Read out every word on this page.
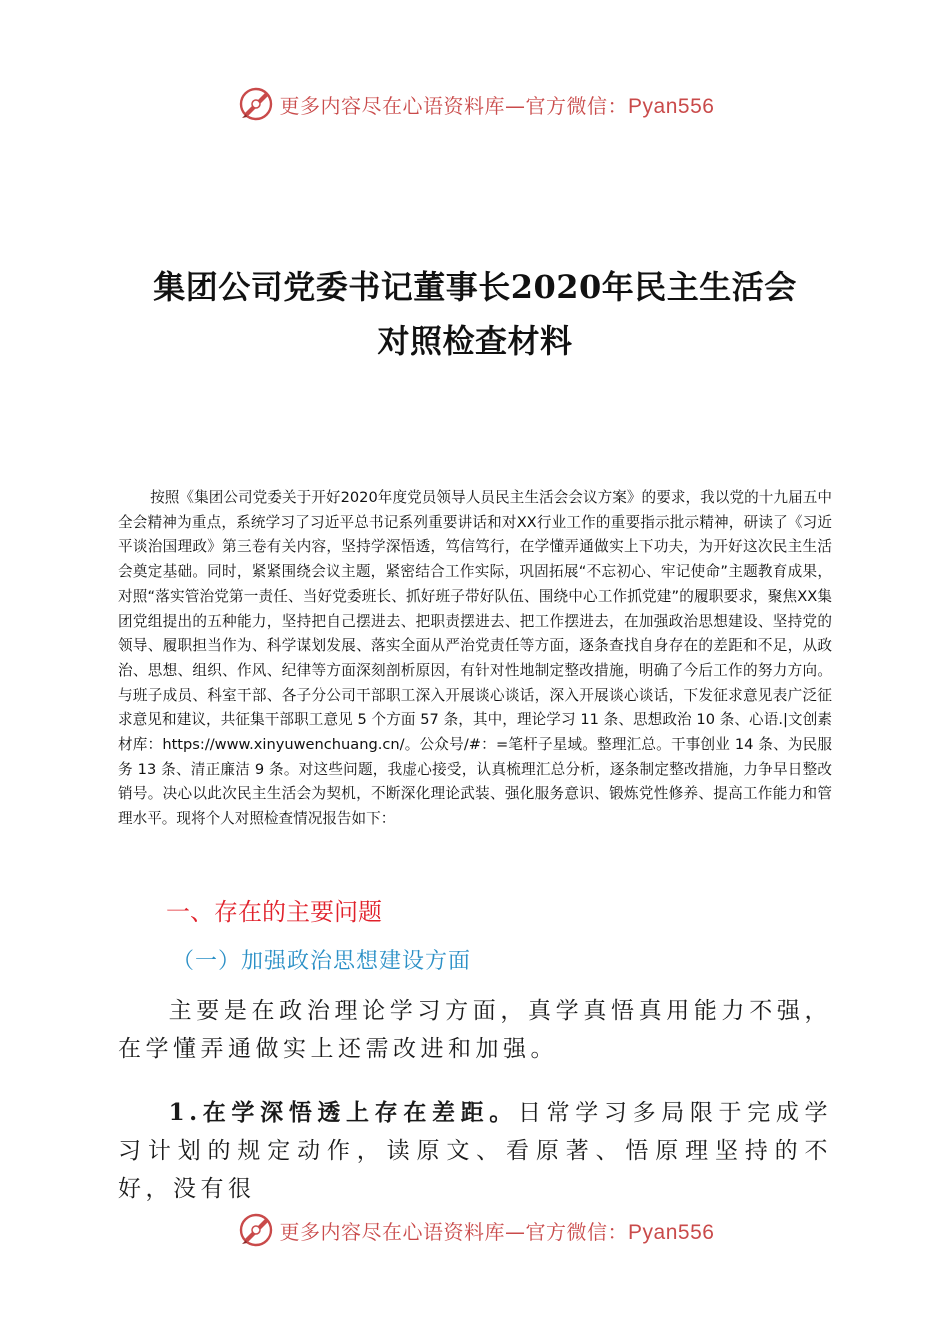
更多内容尽在心语资料库—官方微信：Pyan556
集团公司党委书记董事长2020年民主生活会
对照检查材料

按照《集团公司党委关于开好2020年度党员领导人员民主生活会会议方案》的要求，我以党的十九届五中全会精神为重点，系统学习了习近平总书记系列重要讲话和对XX行业工作的重要指示批示精神，研读了《习近平谈治国理政》第三卷有关内容，坚持学深悟透，笃信笃行，在学懂弄通做实上下功夫，为开好这次民主生活会奠定基础。同时，紧紧围绕会议主题，紧密结合工作实际，巩固拓展“不忘初心、牢记使命”主题教育成果，对照“落实管治党第一责任、当好党委班长、抓好班子带好队伍、围绕中心工作抓党建”的履职要求，聚焦XX集团党组提出的五种能力，坚持把自己摆进去、把职责摆进去、把工作摆进去，在加强政治思想建设、坚持党的领导、履职担当作为、科学谋划发展、落实全面从严治党责任等方面，逐条查找自身存在的差距和不足，从政治、思想、组织、作风、纪律等方面深刻剖析原因，有针对性地制定整改措施，明确了今后工作的努力方向。与班子成员、科室干部、各子分公司干部职工深入开展谈心谈话，深入开展谈心谈话，下发征求意见表广泛征求意见和建议，共征集干部职工意见 5 个方面 57 条，其中，理论学习 11 条、思想政治 10 条、心语.|文创素材库：https://www.xinyuwenchuang.cn/。公众号/#：=笔杆子星域。整理汇总。干事创业 14 条、为民服务 13 条、清正廉洁 9 条。对这些问题，我虚心接受，认真梳理汇总分析，逐条制定整改措施，力争早日整改销号。决心以此次民主生活会为契机，不断深化理论武装、强化服务意识、锻炼党性修养、提高工作能力和管理水平。现将个人对照检查情况报告如下：

一、存在的主要问题
（一）加强政治思想建设方面

主要是在政治理论学习方面，真学真悟真用能力不强，在学懂弄通做实上还需改进和加强。

1.在学深悟透上存在差距。日常学习多局限于完成学习计划的规定动作，读原文、看原著、悟原理坚持的不好，没有很

更多内容尽在心语资料库—官方微信：Pyan556
